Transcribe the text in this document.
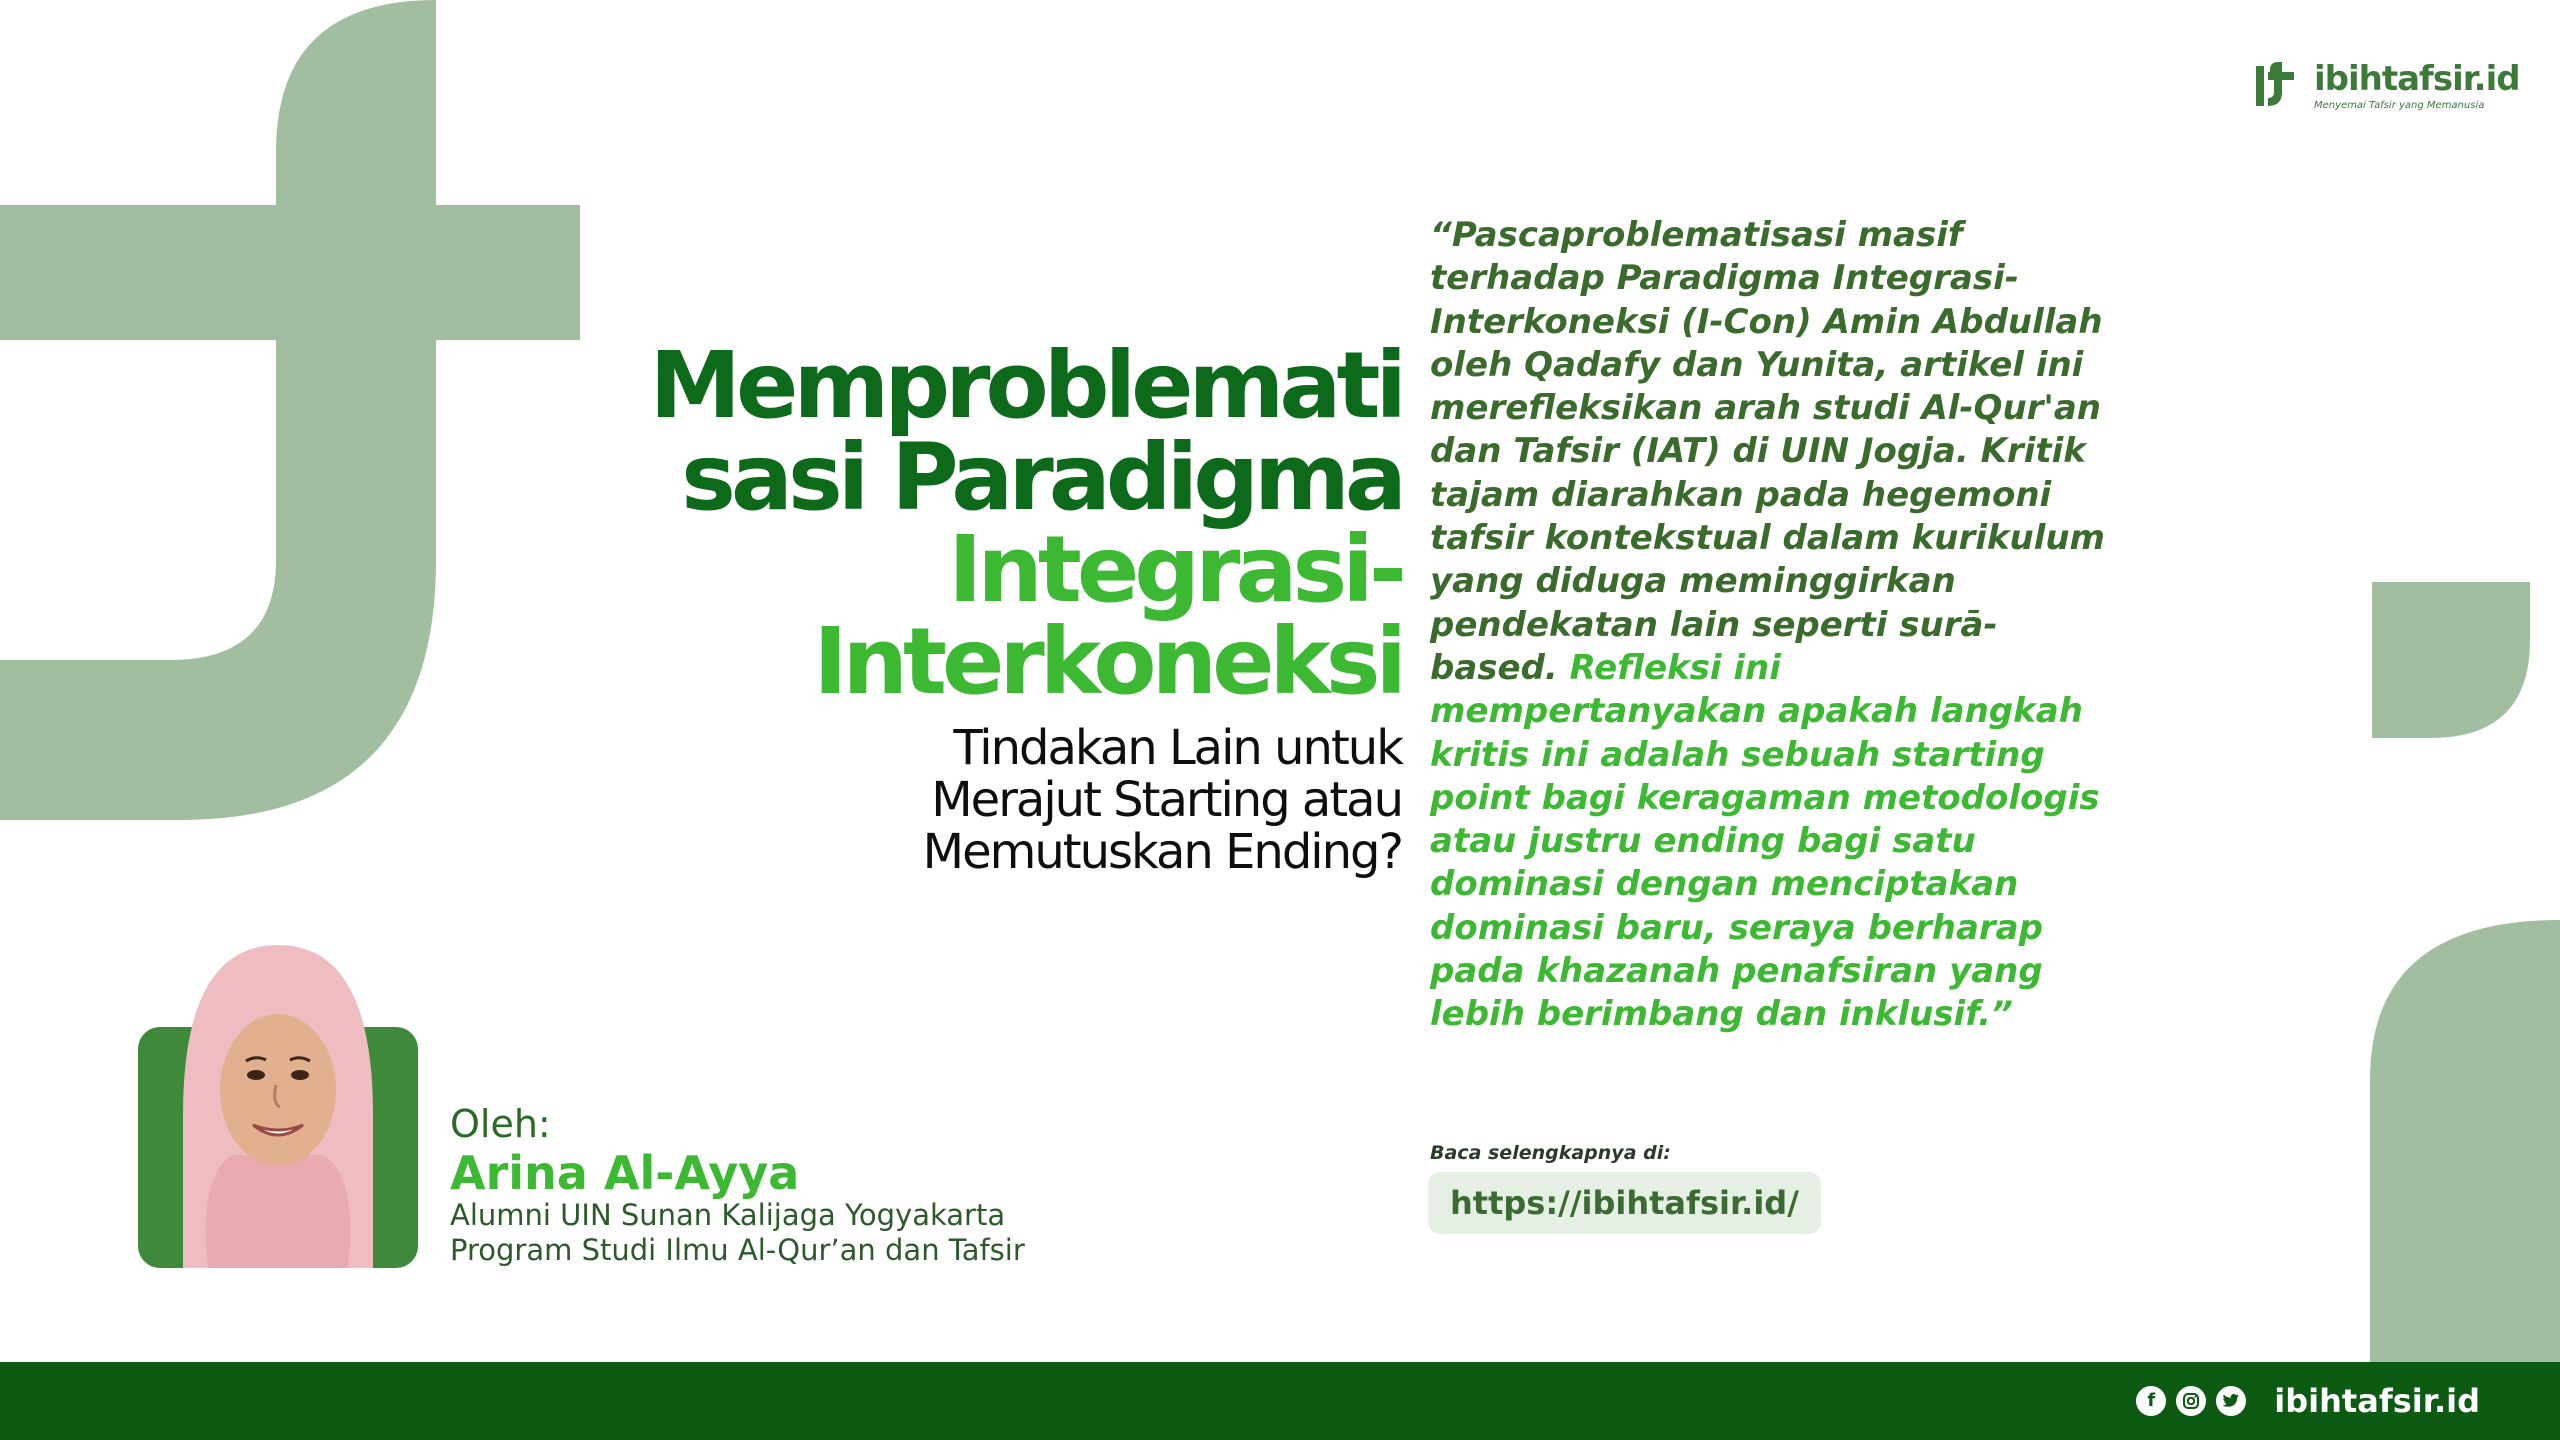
ibihtafsir.id
Menyemai Tafsir yang Memanusia

Memproblemati

sasi Paradigma

Integrasi-

Interkoneksi

Tindakan Lain untuk
Merajut Starting atau
Memutuskan Ending?
“Pascaproblematisasi masif terhadap Paradigma Integrasi-Interkoneksi (I-Con) Amin Abdullah oleh Qadafy dan Yunita, artikel ini merefleksikan arah studi Al-Qur'an dan Tafsir (IAT) di UIN Jogja. Kritik tajam diarahkan pada hegemoni tafsir kontekstual dalam kurikulum yang diduga meminggirkan pendekatan lain seperti surā-based. Refleksi ini mempertanyakan apakah langkah kritis ini adalah sebuah starting point bagi keragaman metodologis atau justru ending bagi satu dominasi dengan menciptakan dominasi baru, seraya berharap pada khazanah penafsiran yang lebih berimbang dan inklusif.”
Baca selengkapnya di:
https://ibihtafsir.id/
Oleh:
Arina Al-Ayya
Alumni UIN Sunan Kalijaga Yogyakarta
Program Studi Ilmu Al-Qur’an dan Tafsir
f	ibihtafsir.id
